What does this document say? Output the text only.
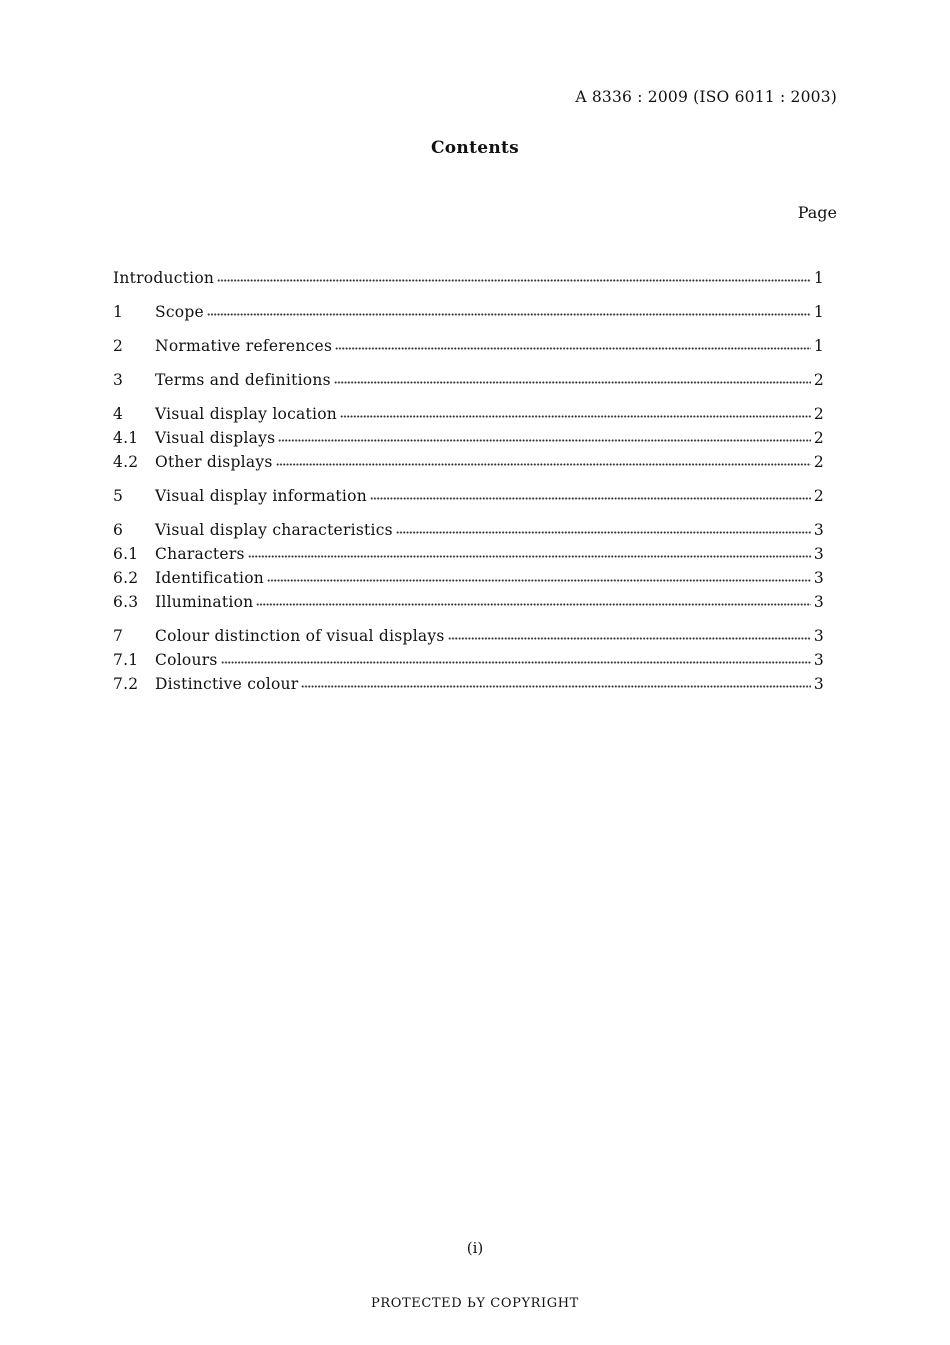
A 8336 : 2009 (ISO 6011 : 2003)
Contents
Page
Introduction	1
1	Scope	1
2	Normative references	1
3	Terms and definitions	2
4	Visual display location	2
4.1	Visual displays	2
4.2	Other displays	2
5	Visual display information	2
6	Visual display characteristics	3
6.1	Characters	3
6.2	Identification	3
6.3	Illumination	3
7	Colour distinction of visual displays	3
7.1	Colours	3
7.2	Distinctive colour	3
(i)
PROTECTED ЬY COPYRIGHT
